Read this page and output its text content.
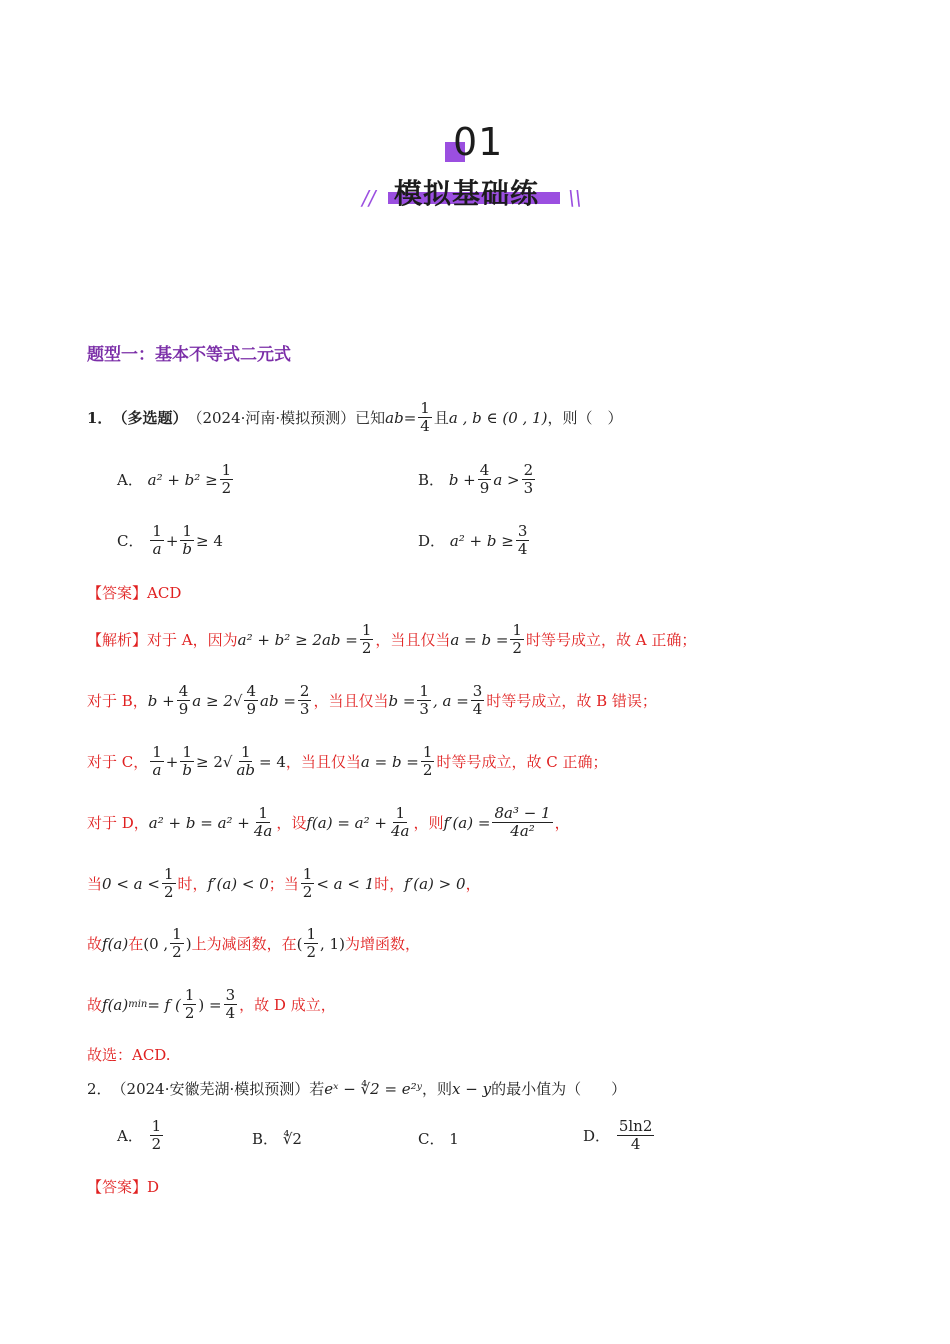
01
// 模拟基础练 \\
题型一：基本不等式二元式
1． （多选题） （2024·河南·模拟预测）已知 ab = $\frac{1}{4}$ 且 a , b ∈ (0 , 1) ，则（　）
A．
$a^2 + b^2 \ge \frac{1}{2}$	B．
$b + \frac{4}{9}$ $a > \frac{2}{3}$
C．
$\frac{1}{a} + \frac{1}{b} \ge 4$	D．
$a^2 + b \ge \frac{3}{4}$
【答案】 ACD
【解析】 对于 A，因为 $a^2 + b^2 \ge 2ab = \frac{1}{2}$ ，当且仅当 $a = b = \frac{1}{2}$ 时等号成立，故 A 正确；
对于 B， $b + \frac{4}{9}$ $a \ge 2√ \frac{4}{9}$ ab = $\frac{2}{3}$ ，当且仅当 $b = \frac{1}{3}$ , $a = \frac{3}{4}$ 时等号成立，故 B 错误；
对于 C， $\frac{1}{a} + \frac{1}{b} \ge 2√ \frac{1}{ab} = 4$ ，当且仅当 $a = b = \frac{1}{2}$ 时等号成立，故 C 正确；
对于 D， $a^2 + b = a^2 + \frac{1}{4a}$ ，设 $f(a) = a^2 + \frac{1}{4a}$ ，则 $f'(a) = \frac{\text{8a³ − 1}}{\text{4a²}}$ ，
当 $0 < a < \frac{1}{2}$ 时， f′(a) < 0 ；当 $\frac{1}{2} < a < 1$ 时， f′(a) > 0 ，
故 f(a) 在 (0 , $\frac{1}{2}$ ) 上为减函数，在 ( $\frac{1}{2}$ , 1) 为增函数，
故 f(a) min = f ( $\frac{1}{2}$ ) = $\frac{3}{4}$ ，故 D 成立，
故选：ACD.
2． （2024·安徽芜湖·模拟预测）若 eˣ − ∜2 = e²ʸ ，则 x − y 的最小值为（　　）
A．
$\frac{1}{2}$	B．
∜2	C．
1	D．
$\frac{5\ln 2}{4}$
【答案】 D
